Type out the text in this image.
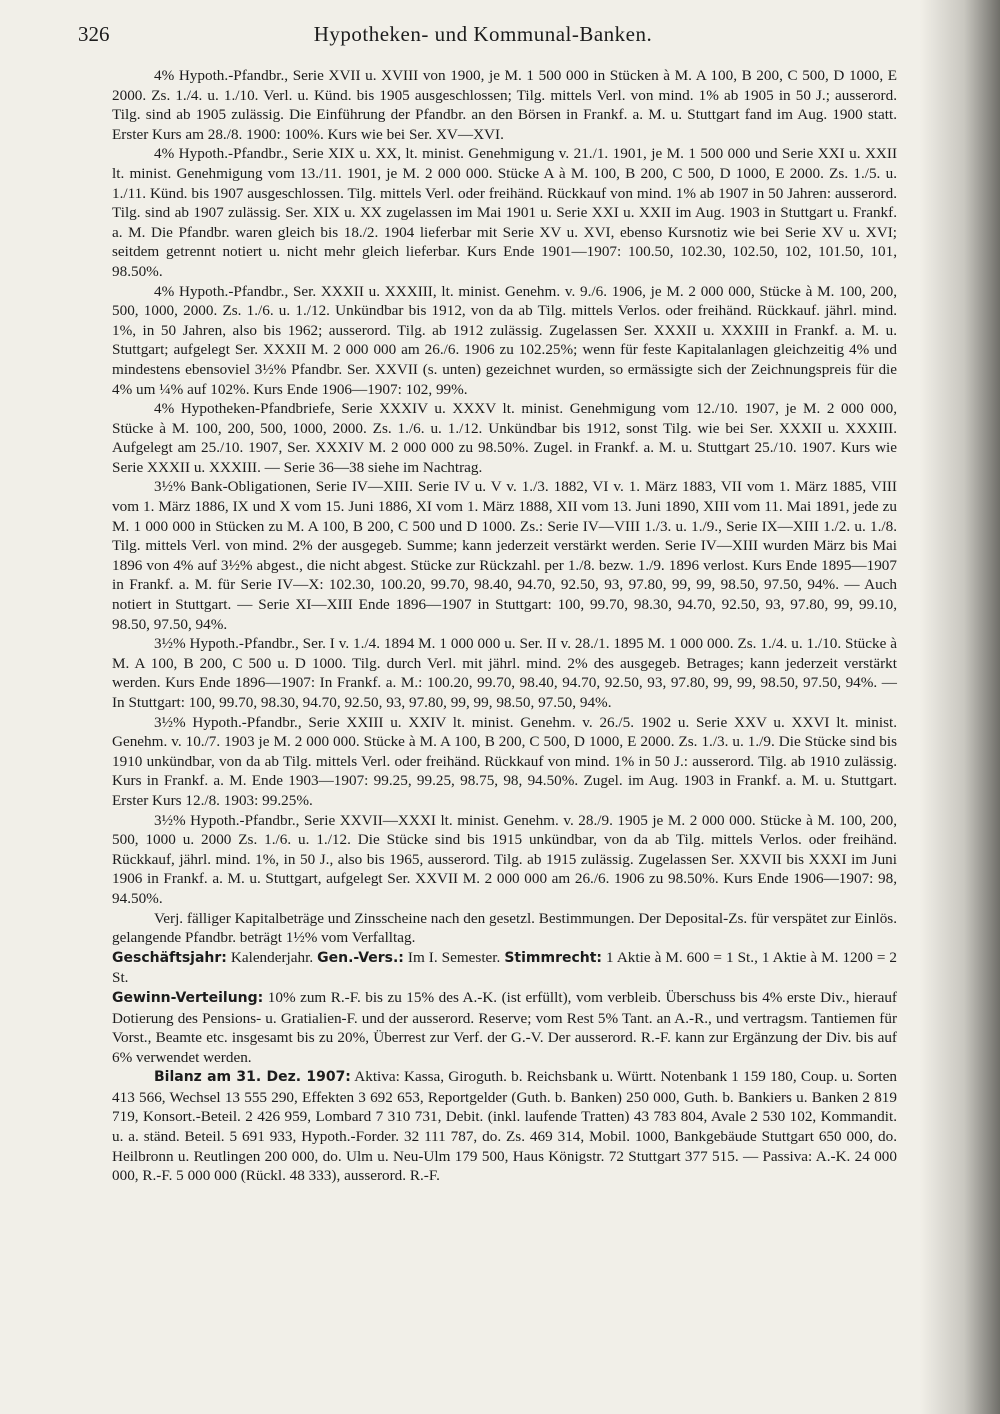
326	Hypotheken- und Kommunal-Banken.

4% Hypoth.-Pfandbr., Serie XVII u. XVIII von 1900, je M. 1 500 000 in Stücken à M. A 100, B 200, C 500, D 1000, E 2000. Zs. 1./4. u. 1./10. Verl. u. Künd. bis 1905 ausgeschlossen; Tilg. mittels Verl. von mind. 1% ab 1905 in 50 J.; ausserord. Tilg. sind ab 1905 zulässig. Die Einführung der Pfandbr. an den Börsen in Frankf. a. M. u. Stuttgart fand im Aug. 1900 statt. Erster Kurs am 28./8. 1900: 100%. Kurs wie bei Ser. XV—XVI.

4% Hypoth.-Pfandbr., Serie XIX u. XX, lt. minist. Genehmigung v. 21./1. 1901, je M. 1 500 000 und Serie XXI u. XXII lt. minist. Genehmigung vom 13./11. 1901, je M. 2 000 000. Stücke A à M. 100, B 200, C 500, D 1000, E 2000. Zs. 1./5. u. 1./11. Künd. bis 1907 ausgeschlossen. Tilg. mittels Verl. oder freihänd. Rückkauf von mind. 1% ab 1907 in 50 Jahren: ausserord. Tilg. sind ab 1907 zulässig. Ser. XIX u. XX zugelassen im Mai 1901 u. Serie XXI u. XXII im Aug. 1903 in Stuttgart u. Frankf. a. M. Die Pfandbr. waren gleich bis 18./2. 1904 lieferbar mit Serie XV u. XVI, ebenso Kursnotiz wie bei Serie XV u. XVI; seitdem getrennt notiert u. nicht mehr gleich lieferbar. Kurs Ende 1901—1907: 100.50, 102.30, 102.50, 102, 101.50, 101, 98.50%.

4% Hypoth.-Pfandbr., Ser. XXXII u. XXXIII, lt. minist. Genehm. v. 9./6. 1906, je M. 2 000 000, Stücke à M. 100, 200, 500, 1000, 2000. Zs. 1./6. u. 1./12. Unkündbar bis 1912, von da ab Tilg. mittels Verlos. oder freihänd. Rückkauf. jährl. mind. 1%, in 50 Jahren, also bis 1962; ausserord. Tilg. ab 1912 zulässig. Zugelassen Ser. XXXII u. XXXIII in Frankf. a. M. u. Stuttgart; aufgelegt Ser. XXXII M. 2 000 000 am 26./6. 1906 zu 102.25%; wenn für feste Kapitalanlagen gleichzeitig 4% und mindestens ebensoviel 3½% Pfandbr. Ser. XXVII (s. unten) gezeichnet wurden, so ermässigte sich der Zeichnungspreis für die 4% um ¼% auf 102%. Kurs Ende 1906—1907: 102, 99%.

4% Hypotheken-Pfandbriefe, Serie XXXIV u. XXXV lt. minist. Genehmigung vom 12./10. 1907, je M. 2 000 000, Stücke à M. 100, 200, 500, 1000, 2000. Zs. 1./6. u. 1./12. Unkündbar bis 1912, sonst Tilg. wie bei Ser. XXXII u. XXXIII. Aufgelegt am 25./10. 1907, Ser. XXXIV M. 2 000 000 zu 98.50%. Zugel. in Frankf. a. M. u. Stuttgart 25./10. 1907. Kurs wie Serie XXXII u. XXXIII. — Serie 36—38 siehe im Nachtrag.

3½% Bank-Obligationen, Serie IV—XIII. Serie IV u. V v. 1./3. 1882, VI v. 1. März 1883, VII vom 1. März 1885, VIII vom 1. März 1886, IX und X vom 15. Juni 1886, XI vom 1. März 1888, XII vom 13. Juni 1890, XIII vom 11. Mai 1891, jede zu M. 1 000 000 in Stücken zu M. A 100, B 200, C 500 und D 1000. Zs.: Serie IV—VIII 1./3. u. 1./9., Serie IX—XIII 1./2. u. 1./8. Tilg. mittels Verl. von mind. 2% der ausgegeb. Summe; kann jederzeit verstärkt werden. Serie IV—XIII wurden März bis Mai 1896 von 4% auf 3½% abgest., die nicht abgest. Stücke zur Rückzahl. per 1./8. bezw. 1./9. 1896 verlost. Kurs Ende 1895—1907 in Frankf. a. M. für Serie IV—X: 102.30, 100.20, 99.70, 98.40, 94.70, 92.50, 93, 97.80, 99, 99, 98.50, 97.50, 94%. — Auch notiert in Stuttgart. — Serie XI—XIII Ende 1896—1907 in Stuttgart: 100, 99.70, 98.30, 94.70, 92.50, 93, 97.80, 99, 99.10, 98.50, 97.50, 94%.

3½% Hypoth.-Pfandbr., Ser. I v. 1./4. 1894 M. 1 000 000 u. Ser. II v. 28./1. 1895 M. 1 000 000. Zs. 1./4. u. 1./10. Stücke à M. A 100, B 200, C 500 u. D 1000. Tilg. durch Verl. mit jährl. mind. 2% des ausgegeb. Betrages; kann jederzeit verstärkt werden. Kurs Ende 1896—1907: In Frankf. a. M.: 100.20, 99.70, 98.40, 94.70, 92.50, 93, 97.80, 99, 99, 98.50, 97.50, 94%. — In Stuttgart: 100, 99.70, 98.30, 94.70, 92.50, 93, 97.80, 99, 99, 98.50, 97.50, 94%.

3½% Hypoth.-Pfandbr., Serie XXIII u. XXIV lt. minist. Genehm. v. 26./5. 1902 u. Serie XXV u. XXVI lt. minist. Genehm. v. 10./7. 1903 je M. 2 000 000. Stücke à M. A 100, B 200, C 500, D 1000, E 2000. Zs. 1./3. u. 1./9. Die Stücke sind bis 1910 unkündbar, von da ab Tilg. mittels Verl. oder freihänd. Rückkauf von mind. 1% in 50 J.: ausserord. Tilg. ab 1910 zulässig. Kurs in Frankf. a. M. Ende 1903—1907: 99.25, 99.25, 98.75, 98, 94.50%. Zugel. im Aug. 1903 in Frankf. a. M. u. Stuttgart. Erster Kurs 12./8. 1903: 99.25%.

3½% Hypoth.-Pfandbr., Serie XXVII—XXXI lt. minist. Genehm. v. 28./9. 1905 je M. 2 000 000. Stücke à M. 100, 200, 500, 1000 u. 2000 Zs. 1./6. u. 1./12. Die Stücke sind bis 1915 unkündbar, von da ab Tilg. mittels Verlos. oder freihänd. Rückkauf, jährl. mind. 1%, in 50 J., also bis 1965, ausserord. Tilg. ab 1915 zulässig. Zugelassen Ser. XXVII bis XXXI im Juni 1906 in Frankf. a. M. u. Stuttgart, aufgelegt Ser. XXVII M. 2 000 000 am 26./6. 1906 zu 98.50%. Kurs Ende 1906—1907: 98, 94.50%.

Verj. fälliger Kapitalbeträge und Zinsscheine nach den gesetzl. Bestimmungen. Der Deposital-Zs. für verspätet zur Einlös. gelangende Pfandbr. beträgt 1½% vom Verfalltag.

Geschäftsjahr: Kalenderjahr. Gen.-Vers.: Im I. Semester. Stimmrecht: 1 Aktie à M. 600 = 1 St., 1 Aktie à M. 1200 = 2 St.

Gewinn-Verteilung: 10% zum R.-F. bis zu 15% des A.-K. (ist erfüllt), vom verbleib. Überschuss bis 4% erste Div., hierauf Dotierung des Pensions- u. Gratialien-F. und der ausserord. Reserve; vom Rest 5% Tant. an A.-R., und vertragsm. Tantiemen für Vorst., Beamte etc. insgesamt bis zu 20%, Überrest zur Verf. der G.-V. Der ausserord. R.-F. kann zur Ergänzung der Div. bis auf 6% verwendet werden.

Bilanz am 31. Dez. 1907: Aktiva: Kassa, Giroguth. b. Reichsbank u. Württ. Notenbank 1 159 180, Coup. u. Sorten 413 566, Wechsel 13 555 290, Effekten 3 692 653, Reportgelder (Guth. b. Banken) 250 000, Guth. b. Bankiers u. Banken 2 819 719, Konsort.-Beteil. 2 426 959, Lombard 7 310 731, Debit. (inkl. laufende Tratten) 43 783 804, Avale 2 530 102, Kommandit. u. a. ständ. Beteil. 5 691 933, Hypoth.-Forder. 32 111 787, do. Zs. 469 314, Mobil. 1000, Bankgebäude Stuttgart 650 000, do. Heilbronn u. Reutlingen 200 000, do. Ulm u. Neu-Ulm 179 500, Haus Königstr. 72 Stuttgart 377 515. — Passiva: A.-K. 24 000 000, R.-F. 5 000 000 (Rückl. 48 333), ausserord. R.-F.
